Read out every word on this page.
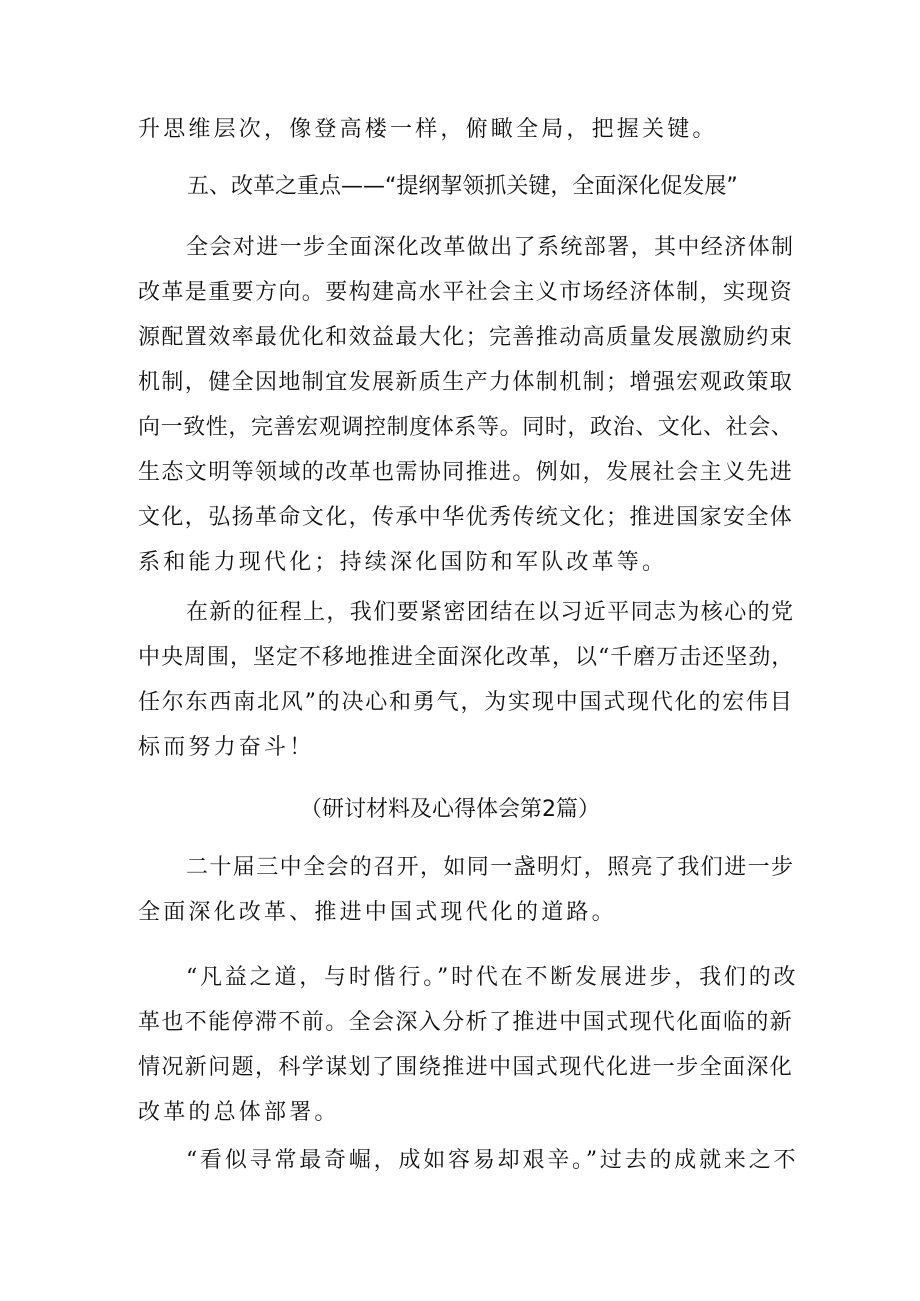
升思维层次，像登高楼一样，俯瞰全局，把握关键。
五、改革之重点——“提纲挈领抓关键，全面深化促发展”
全会对进一步全面深化改革做出了系统部署，其中经济体制
改革是重要方向。要构建高水平社会主义市场经济体制，实现资
源配置效率最优化和效益最大化；完善推动高质量发展激励约束
机制，健全因地制宜发展新质生产力体制机制；增强宏观政策取
向一致性，完善宏观调控制度体系等。同时，政治、文化、社会、
生态文明等领域的改革也需协同推进。例如，发展社会主义先进
文化，弘扬革命文化，传承中华优秀传统文化；推进国家安全体
系和能力现代化；持续深化国防和军队改革等。
在新的征程上，我们要紧密团结在以习近平同志为核心的党
中央周围，坚定不移地推进全面深化改革，以“千磨万击还坚劲，
任尔东西南北风”的决心和勇气，为实现中国式现代化的宏伟目
标而努力奋斗！
（研讨材料及心得体会第2篇）
二十届三中全会的召开，如同一盏明灯，照亮了我们进一步
全面深化改革、推进中国式现代化的道路。
“凡益之道，与时偕行。”时代在不断发展进步，我们的改
革也不能停滞不前。全会深入分析了推进中国式现代化面临的新
情况新问题，科学谋划了围绕推进中国式现代化进一步全面深化
改革的总体部署。
“看似寻常最奇崛，成如容易却艰辛。”过去的成就来之不
